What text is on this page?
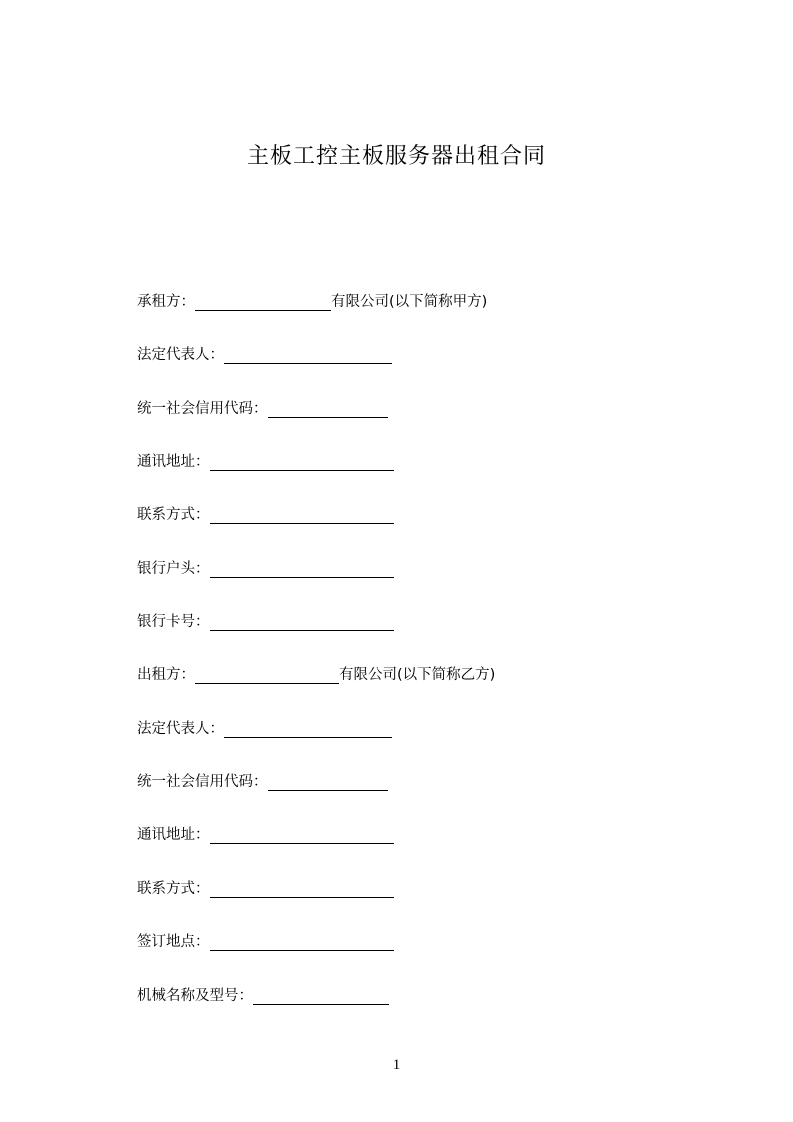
主板工控主板服务器出租合同
承租方：	有限公司(以下简称甲方)
法定代表人：
统一社会信用代码：
通讯地址：
联系方式：
银行户头：
银行卡号：
出租方：	有限公司(以下简称乙方)
法定代表人：
统一社会信用代码：
通讯地址：
联系方式：
签订地点：
机械名称及型号：
1
